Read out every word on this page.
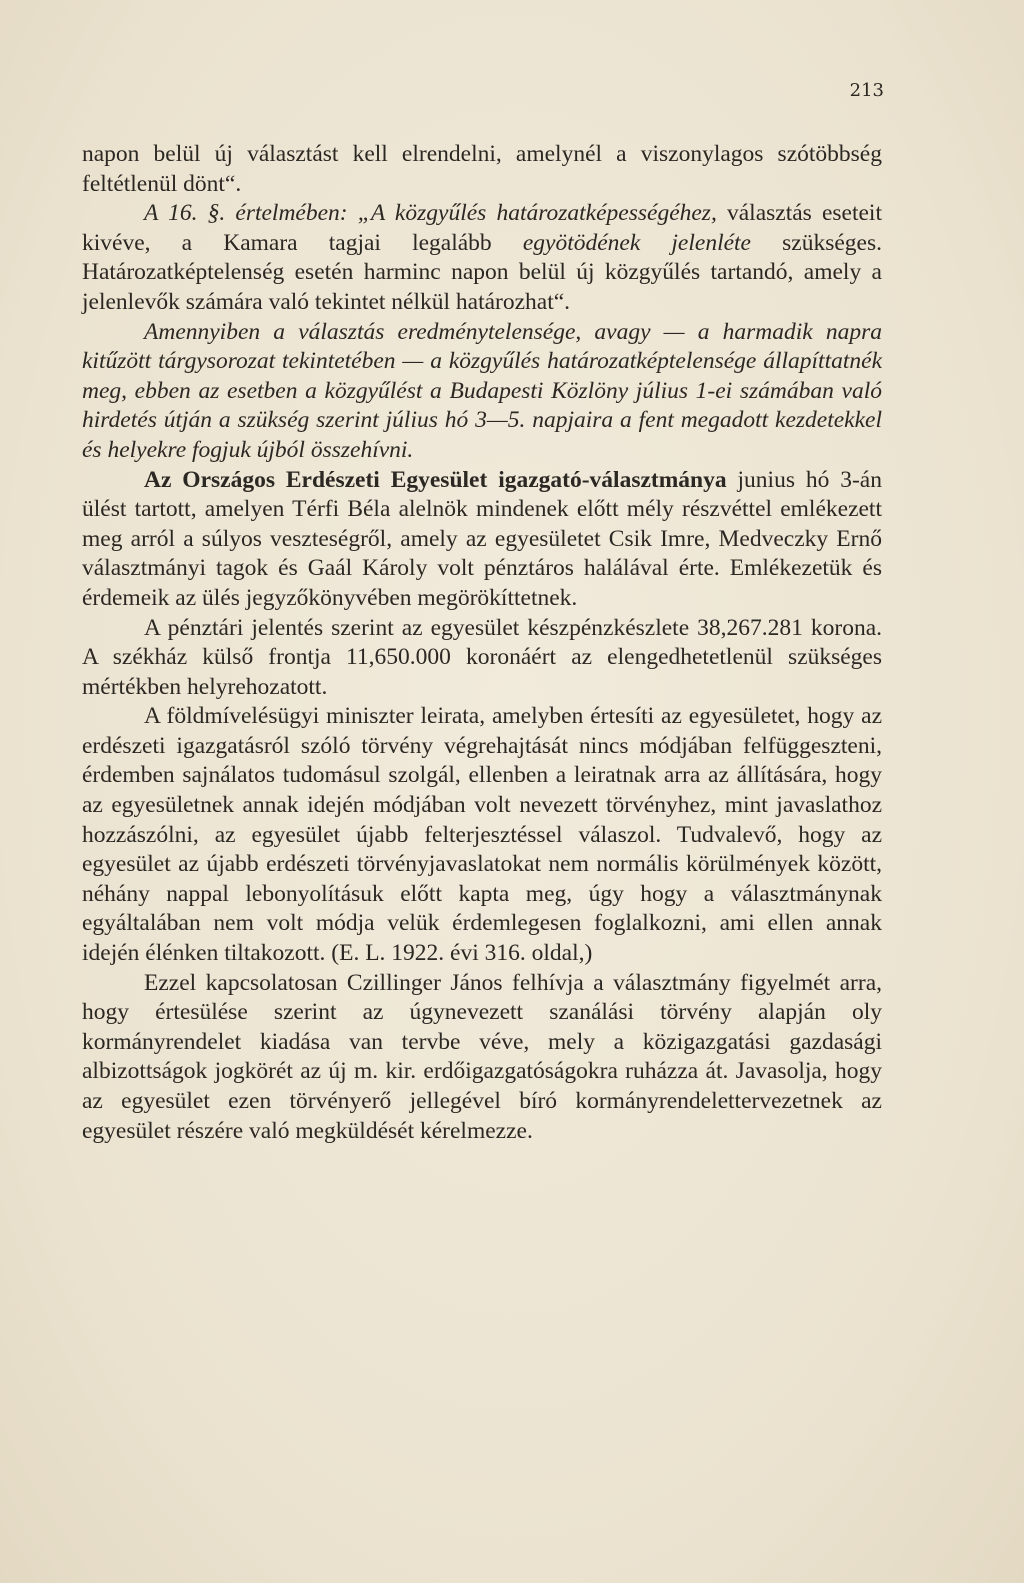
213

napon belül új választást kell elrendelni, amelynél a viszonylagos szótöbbség feltétlenül dönt“.

A 16. §. értelmében: „A közgyűlés határozatképességéhez, választás eseteit kivéve, a Kamara tagjai legalább egyötödének jelenléte szükséges. Határozatképtelenség esetén harminc napon belül új közgyűlés tartandó, amely a jelenlevők számára való tekintet nélkül határozhat“.

Amennyiben a választás eredménytelensége, avagy — a harmadik napra kitűzött tárgysorozat tekintetében — a közgyűlés határozatképtelensége állapíttatnék meg, ebben az esetben a közgyűlést a Budapesti Közlöny július 1-ei számában való hirdetés útján a szükség szerint július hó 3—5. napjaira a fent megadott kezdetekkel és helyekre fogjuk újból összehívni.

Az Országos Erdészeti Egyesület igazgató-választmánya junius hó 3-án ülést tartott, amelyen Térfi Béla alelnök mindenek előtt mély részvéttel emlékezett meg arról a súlyos veszteségről, amely az egyesületet Csik Imre, Medveczky Ernő választmányi tagok és Gaál Károly volt pénztáros halálával érte. Emlékezetük és érdemeik az ülés jegyzőkönyvében megörökíttetnek.

A pénztári jelentés szerint az egyesület készpénzkészlete 38,267.281 korona. A székház külső frontja 11,650.000 koronáért az elengedhetetlenül szükséges mértékben helyrehozatott.

A földmívelésügyi miniszter leirata, amelyben értesíti az egyesületet, hogy az erdészeti igazgatásról szóló törvény végrehajtását nincs módjában felfüggeszteni, érdemben sajnálatos tudomásul szolgál, ellenben a leiratnak arra az állítására, hogy az egyesületnek annak idején módjában volt nevezett törvényhez, mint javaslathoz hozzászólni, az egyesület újabb felterjesztéssel válaszol. Tudvalevő, hogy az egyesület az újabb erdészeti törvényjavaslatokat nem normális körülmények között, néhány nappal lebonyolításuk előtt kapta meg, úgy hogy a választmánynak egyáltalában nem volt módja velük érdemlegesen foglalkozni, ami ellen annak idején élénken tiltakozott. (E. L. 1922. évi 316. oldal,)

Ezzel kapcsolatosan Czillinger János felhívja a választmány figyelmét arra, hogy értesülése szerint az úgynevezett szanálási törvény alapján oly kormányrendelet kiadása van tervbe véve, mely a közigazgatási gazdasági albizottságok jogkörét az új m. kir. erdőigazgatóságokra ruházza át. Javasolja, hogy az egyesület ezen törvényerő jellegével bíró kormányrendelettervezetnek az egyesület részére való megküldését kérelmezze.
